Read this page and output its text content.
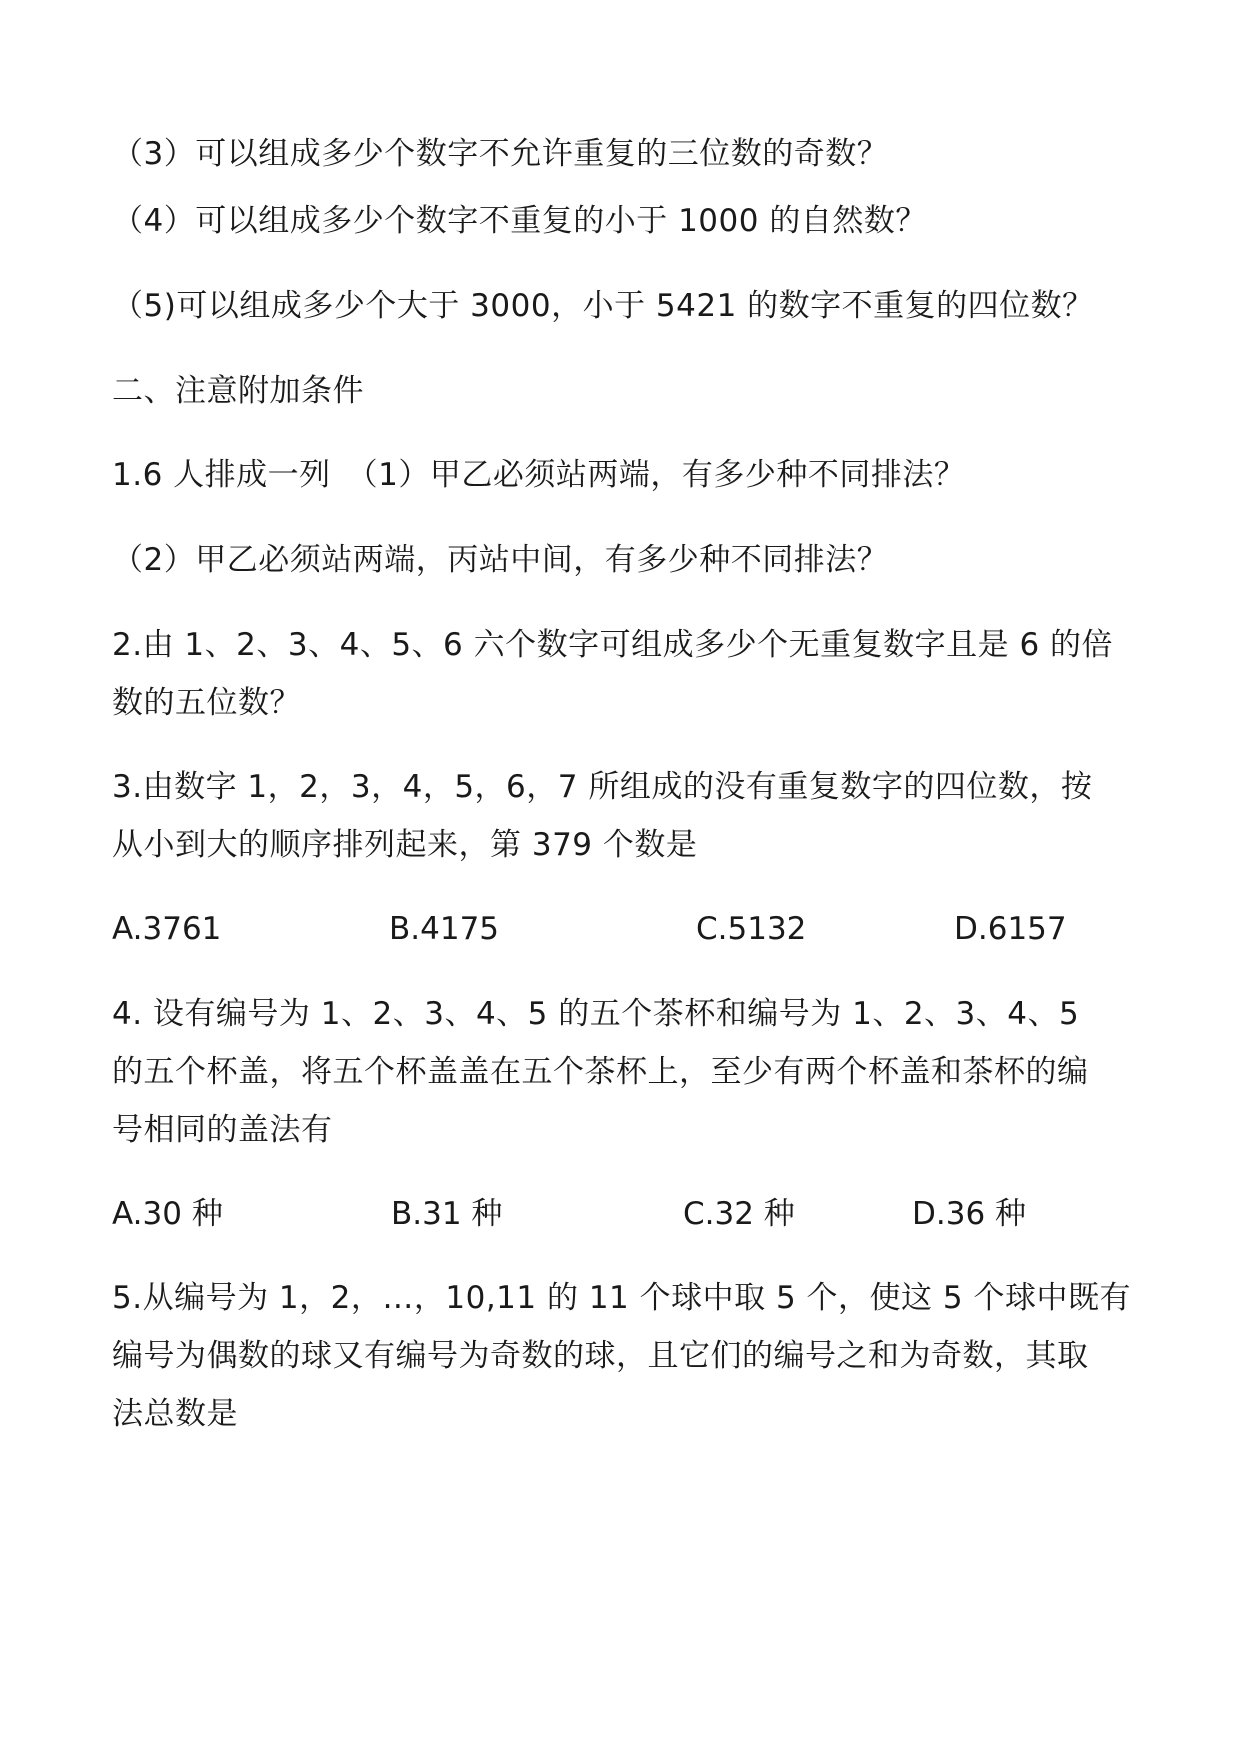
（3）可以组成多少个数字不允许重复的三位数的奇数？
（4）可以组成多少个数字不重复的小于 1000 的自然数？
（5)可以组成多少个大于 3000，小于 5421 的数字不重复的四位数？
二、注意附加条件
1.6 人排成一列　（1）甲乙必须站两端，有多少种不同排法？
（2）甲乙必须站两端，丙站中间，有多少种不同排法？
2.由 1、2、3、4、5、6 六个数字可组成多少个无重复数字且是 6 的倍
数的五位数？
3.由数字 1，2，3，4，5，6，7 所组成的没有重复数字的四位数，按
从小到大的顺序排列起来，第 379 个数是
A.3761	B.4175	C.5132	D.6157
4. 设有编号为 1、2、3、4、5 的五个茶杯和编号为 1、2、3、4、5
的五个杯盖，将五个杯盖盖在五个茶杯上，至少有两个杯盖和茶杯的编
号相同的盖法有
A.30 种	B.31 种	C.32 种	D.36 种
5.从编号为 1，2，…，10,11 的 11 个球中取 5 个，使这 5 个球中既有
编号为偶数的球又有编号为奇数的球，且它们的编号之和为奇数，其取
法总数是
